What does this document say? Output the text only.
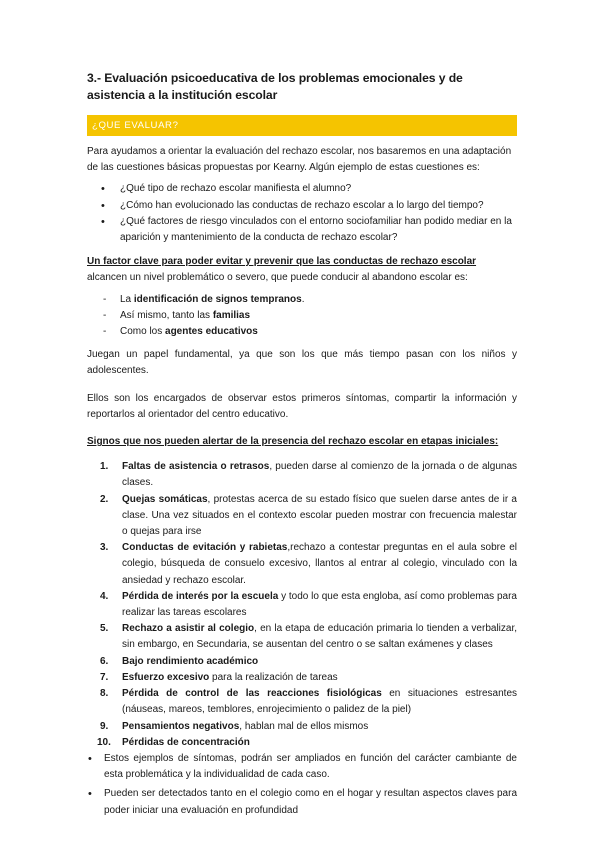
3.- Evaluación psicoeducativa de los problemas emocionales y de asistencia a la institución escolar
¿QUE EVALUAR?

Para ayudamos a orientar la evaluación del rechazo escolar, nos basaremos en una adaptación de las cuestiones básicas propuestas por Kearny. Algún ejemplo de estas cuestiones es:

• ¿Qué tipo de rechazo escolar manifiesta el alumno?
• ¿Cómo han evolucionado las conductas de rechazo escolar a lo largo del tiempo?
• ¿Qué factores de riesgo vinculados con el entorno sociofamiliar han podido mediar en la aparición y mantenimiento de la conducta de rechazo escolar?

Un factor clave para poder evitar y prevenir que las conductas de rechazo escolar alcancen un nivel problemático o severo, que puede conducir al abandono escolar es:

- La identificación de signos tempranos.
- Así mismo, tanto las familias
- Como los agentes educativos

Juegan un papel fundamental, ya que son los que más tiempo pasan con los niños y adolescentes.

Ellos son los encargados de observar estos primeros síntomas, compartir la información y reportarlos al orientador del centro educativo.

Signos que nos pueden alertar de la presencia del rechazo escolar en etapas iniciales:

1. Faltas de asistencia o retrasos, pueden darse al comienzo de la jornada o de algunas clases.
2. Quejas somáticas, protestas acerca de su estado físico que suelen darse antes de ir a clase. Una vez situados en el contexto escolar pueden mostrar con frecuencia malestar o quejas para irse
3. Conductas de evitación y rabietas,rechazo a contestar preguntas en el aula sobre el colegio, búsqueda de consuelo excesivo, llantos al entrar al colegio, vinculado con la ansiedad y rechazo escolar.
4. Pérdida de interés por la escuela y todo lo que esta engloba, así como problemas para realizar las tareas escolares
5. Rechazo a asistir al colegio, en la etapa de educación primaria lo tienden a verbalizar, sin embargo, en Secundaria, se ausentan del centro o se saltan exámenes y clases
6. Bajo rendimiento académico
7. Esfuerzo excesivo para la realización de tareas
8. Pérdida de control de las reacciones fisiológicas en situaciones estresantes (náuseas, mareos, temblores, enrojecimiento o palidez de la piel)
9. Pensamientos negativos, hablan mal de ellos mismos
10. Pérdidas de concentración
• Estos ejemplos de síntomas, podrán ser ampliados en función del carácter cambiante de esta problemática y la individualidad de cada caso.
• Pueden ser detectados tanto en el colegio como en el hogar y resultan aspectos claves para poder iniciar una evaluación en profundidad
